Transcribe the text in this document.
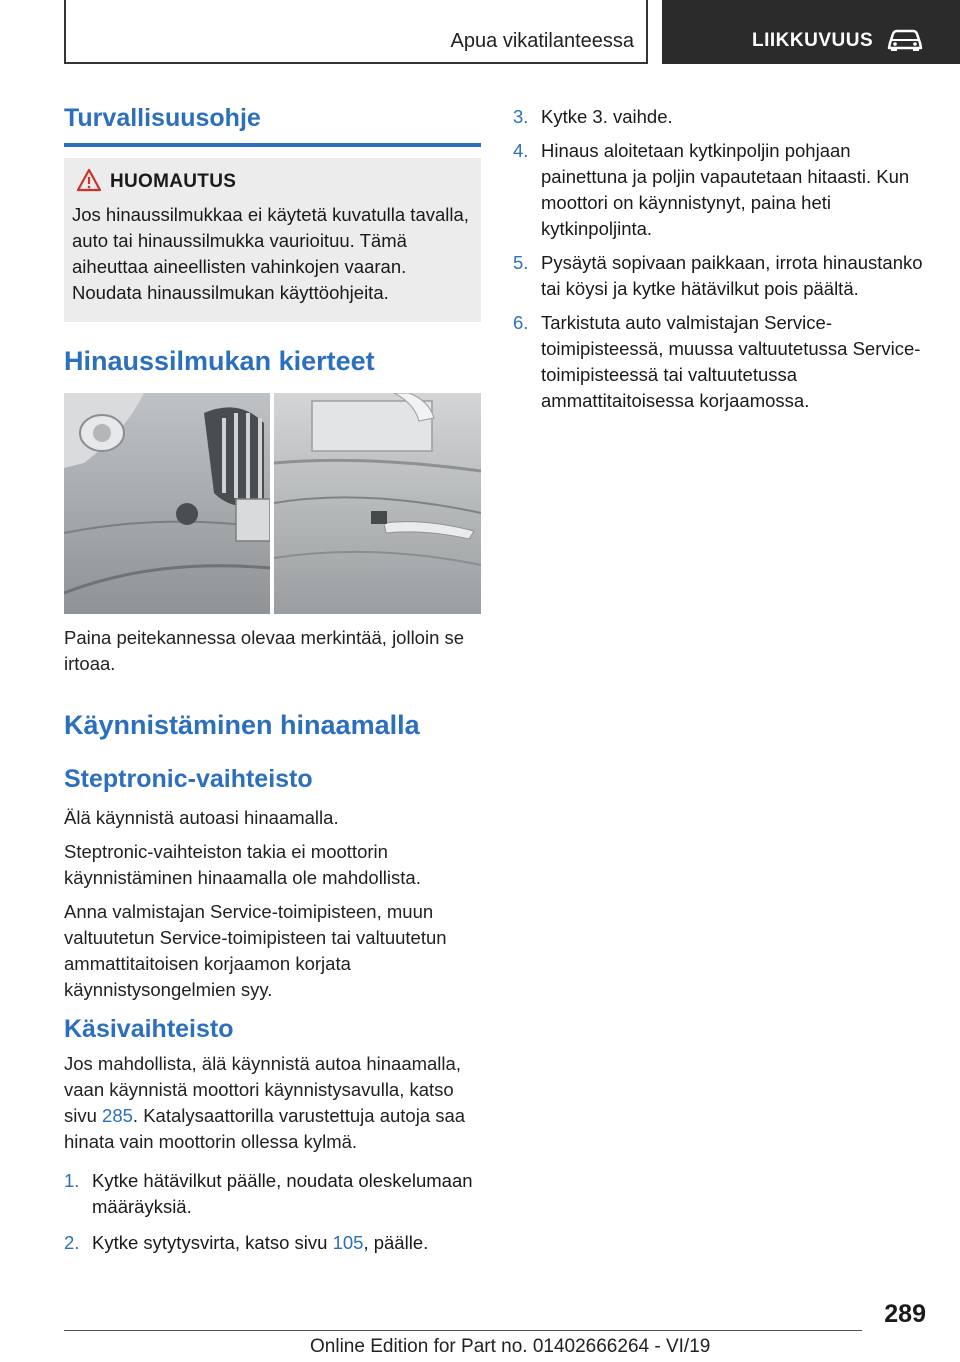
Apua vikatilanteessa	LIIKKUVUUS
Turvallisuusohje
HUOMAUTUS
Jos hinaussilmukkaa ei käytetä kuvatulla tavalla, auto tai hinaussilmukka vaurioituu. Tämä aiheuttaa aineellisten vahinkojen vaaran. Noudata hinaussilmukan käyttöohjeita.
Hinaussilmukan kierteet

Paina peitekannessa olevaa merkintää, jolloin se irtoaa.

Käynnistäminen hinaamalla
Steptronic-vaihteisto

Älä käynnistä autoasi hinaamalla.

Steptronic-vaihteiston takia ei moottorin käynnistäminen hinaamalla ole mahdollista.

Anna valmistajan Service-toimipisteen, muun valtuutetun Service-toimipisteen tai valtuutetun ammattitaitoisen korjaamon korjata käynnistysongelmien syy.

Käsivaihteisto

Jos mahdollista, älä käynnistä autoa hinaamalla, vaan käynnistä moottori käynnistysavulla, katso sivu 285. Katalysaattorilla varustettuja autoja saa hinata vain moottorin ollessa kylmä.

1. Kytke hätävilkut päälle, noudata oleskelumaan määräyksiä.
2. Kytke sytytysvirta, katso sivu 105, päälle.
3. Kytke 3. vaihde.
4. Hinaus aloitetaan kytkinpoljin pohjaan painettuna ja poljin vapautetaan hitaasti. Kun moottori on käynnistynyt, paina heti kytkinpoljinta.
5. Pysäytä sopivaan paikkaan, irrota hinaustanko tai köysi ja kytke hätävilkut pois päältä.
6. Tarkistuta auto valmistajan Service-toimipisteessä, muussa valtuutetussa Service-toimipisteessä tai valtuutetussa ammattitaitoisessa korjaamossa.
289
Online Edition for Part no. 01402666264 - VI/19
